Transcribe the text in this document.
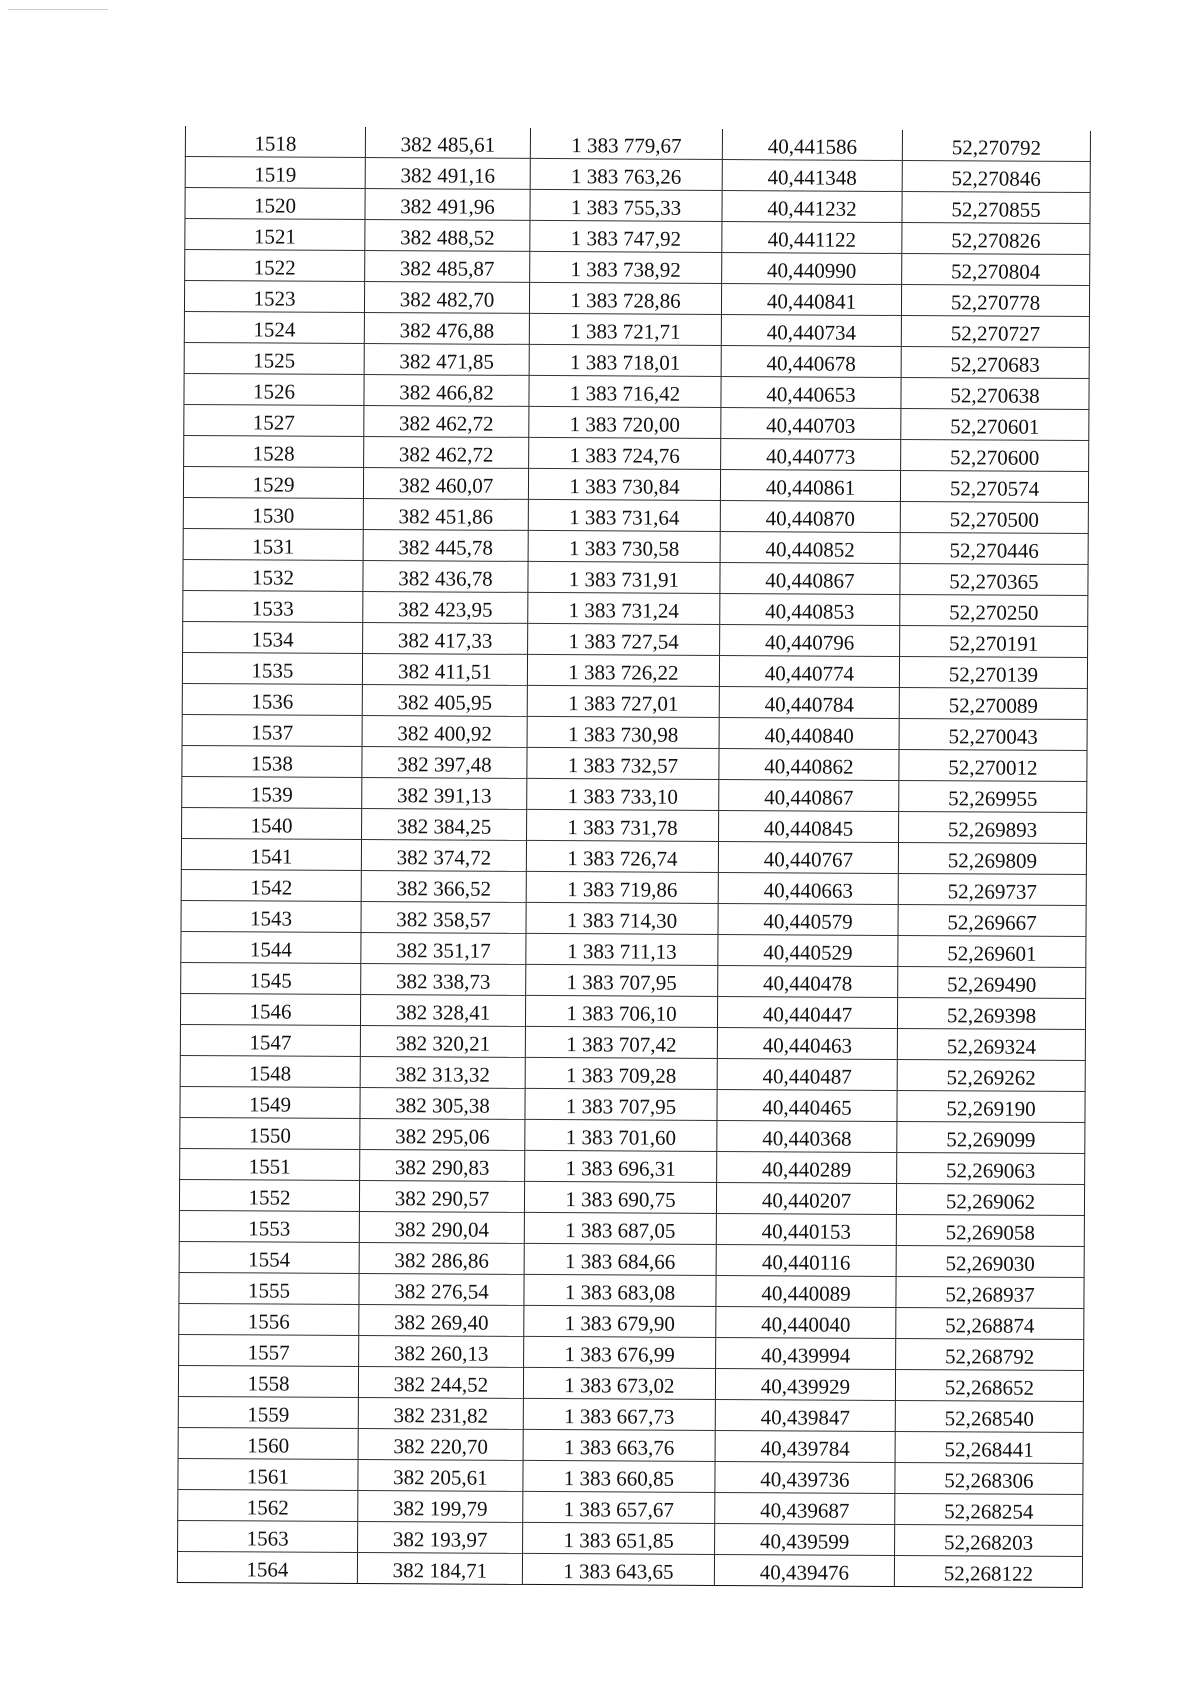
1518	382 485,61	1 383 779,67	40,441586	52,270792
1519	382 491,16	1 383 763,26	40,441348	52,270846
1520	382 491,96	1 383 755,33	40,441232	52,270855
1521	382 488,52	1 383 747,92	40,441122	52,270826
1522	382 485,87	1 383 738,92	40,440990	52,270804
1523	382 482,70	1 383 728,86	40,440841	52,270778
1524	382 476,88	1 383 721,71	40,440734	52,270727
1525	382 471,85	1 383 718,01	40,440678	52,270683
1526	382 466,82	1 383 716,42	40,440653	52,270638
1527	382 462,72	1 383 720,00	40,440703	52,270601
1528	382 462,72	1 383 724,76	40,440773	52,270600
1529	382 460,07	1 383 730,84	40,440861	52,270574
1530	382 451,86	1 383 731,64	40,440870	52,270500
1531	382 445,78	1 383 730,58	40,440852	52,270446
1532	382 436,78	1 383 731,91	40,440867	52,270365
1533	382 423,95	1 383 731,24	40,440853	52,270250
1534	382 417,33	1 383 727,54	40,440796	52,270191
1535	382 411,51	1 383 726,22	40,440774	52,270139
1536	382 405,95	1 383 727,01	40,440784	52,270089
1537	382 400,92	1 383 730,98	40,440840	52,270043
1538	382 397,48	1 383 732,57	40,440862	52,270012
1539	382 391,13	1 383 733,10	40,440867	52,269955
1540	382 384,25	1 383 731,78	40,440845	52,269893
1541	382 374,72	1 383 726,74	40,440767	52,269809
1542	382 366,52	1 383 719,86	40,440663	52,269737
1543	382 358,57	1 383 714,30	40,440579	52,269667
1544	382 351,17	1 383 711,13	40,440529	52,269601
1545	382 338,73	1 383 707,95	40,440478	52,269490
1546	382 328,41	1 383 706,10	40,440447	52,269398
1547	382 320,21	1 383 707,42	40,440463	52,269324
1548	382 313,32	1 383 709,28	40,440487	52,269262
1549	382 305,38	1 383 707,95	40,440465	52,269190
1550	382 295,06	1 383 701,60	40,440368	52,269099
1551	382 290,83	1 383 696,31	40,440289	52,269063
1552	382 290,57	1 383 690,75	40,440207	52,269062
1553	382 290,04	1 383 687,05	40,440153	52,269058
1554	382 286,86	1 383 684,66	40,440116	52,269030
1555	382 276,54	1 383 683,08	40,440089	52,268937
1556	382 269,40	1 383 679,90	40,440040	52,268874
1557	382 260,13	1 383 676,99	40,439994	52,268792
1558	382 244,52	1 383 673,02	40,439929	52,268652
1559	382 231,82	1 383 667,73	40,439847	52,268540
1560	382 220,70	1 383 663,76	40,439784	52,268441
1561	382 205,61	1 383 660,85	40,439736	52,268306
1562	382 199,79	1 383 657,67	40,439687	52,268254
1563	382 193,97	1 383 651,85	40,439599	52,268203
1564	382 184,71	1 383 643,65	40,439476	52,268122
